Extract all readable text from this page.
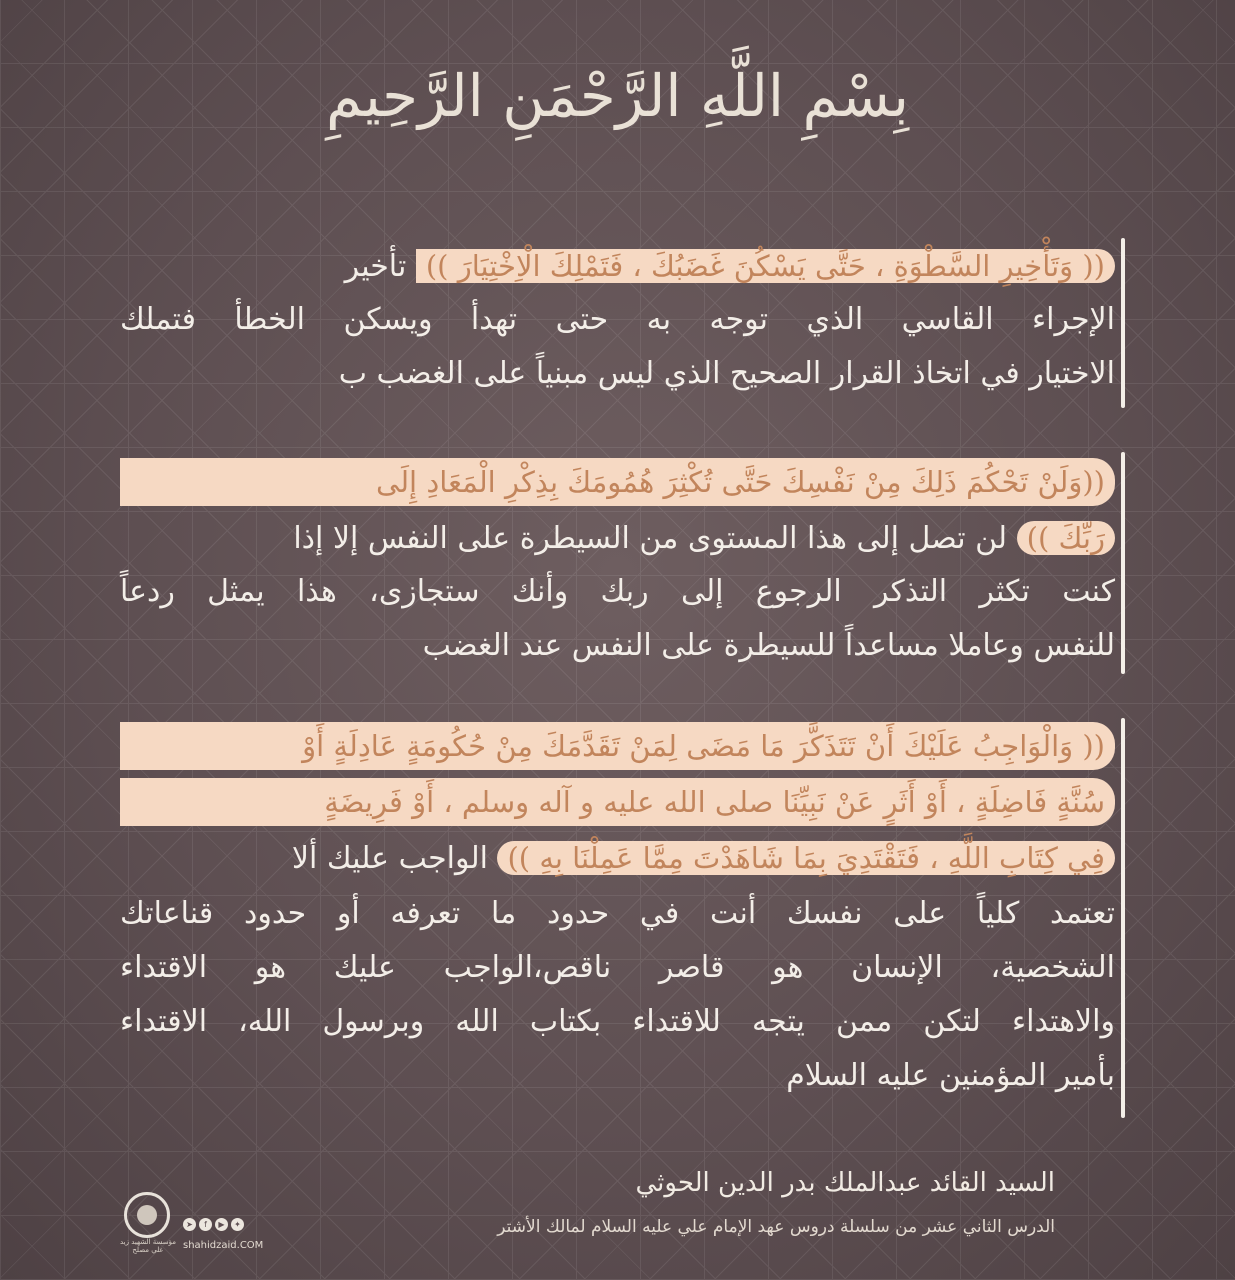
بِسْمِ اللَّهِ الرَّحْمَنِ الرَّحِيمِ
(( وَتَأْخِيرِ السَّطْوَةِ ، حَتَّى يَسْكُنَ غَضَبُكَ ، فَتَمْلِكَ الْاِخْتِيَارَ )) تأخير
الإجراء القاسي الذي توجه به حتى تهدأ ويسكن الخطأ فتملك
الاختيار في اتخاذ القرار الصحيح الذي ليس مبنياً على الغضب ب
((وَلَنْ تَحْكُمَ ذَلِكَ مِنْ نَفْسِكَ حَتَّى تُكْثِرَ هُمُومَكَ بِذِكْرِ الْمَعَادِ إِلَى
رَبِّكَ )) لن تصل إلى هذا المستوى من السيطرة على النفس إلا إذا
كنت تكثر التذكر الرجوع إلى ربك وأنك ستجازى، هذا يمثل ردعاً
للنفس وعاملا مساعداً للسيطرة على النفس عند الغضب
(( وَالْوَاجِبُ عَلَيْكَ أَنْ تَتَذَكَّرَ مَا مَضَى لِمَنْ تَقَدَّمَكَ مِنْ حُكُومَةٍ عَادِلَةٍ أَوْ
سُنَّةٍ فَاضِلَةٍ ، أَوْ أَثَرٍ عَنْ نَبِيِّنَا صلى الله عليه و آله وسلم ، أَوْ فَرِيضَةٍ
فِي كِتَابِ اللَّهِ ، فَتَقْتَدِيَ بِمَا شَاهَدْتَ مِمَّا عَمِلْنَا بِهِ )) الواجب عليك ألا
تعتمد كلياً على نفسك أنت في حدود ما تعرفه أو حدود قناعاتك
الشخصية، الإنسان هو قاصر ناقص،الواجب عليك هو الاقتداء
والاهتداء لتكن ممن يتجه للاقتداء بكتاب الله وبرسول الله، الاقتداء
بأمير المؤمنين عليه السلام
السيد القائد عبدالملك بدر الدين الحوثي
الدرس الثاني عشر من سلسلة دروس عهد الإمام علي عليه السلام لمالك الأشتر
مؤسسة الشهيد زيد علي مصلح
➤	f	▶	✦
shahidzaid.COM
